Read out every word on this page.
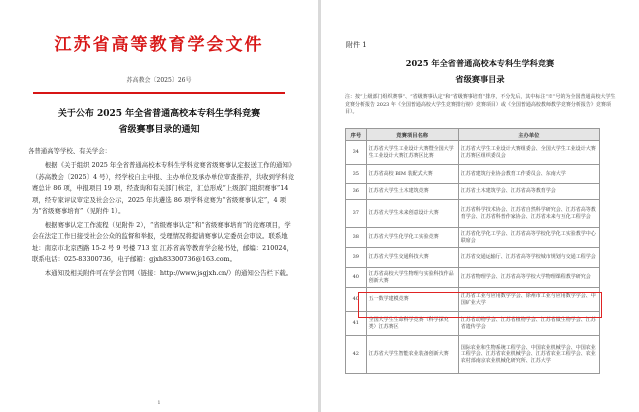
江苏省高等教育学会文件
苏高教会〔2025〕26号
关于公布 2025 年全省普通高校本专科生学科竞赛
省级赛事目录的通知
各普通高等学校、有关学会：

根据《关于组织 2025 年全省普通高校本专科生学科竞赛省级赛事认定报送工作的通知》（苏高教会〔2025〕4 号），经学校自主申报、主办单位及承办单位审查推荐，共收到学科竞赛总计 86 项，申报项目 19 项，经查询和有关部门核定，汇总形成“上级部门组织赛事”14 项，经专家评议审定及社会公示，2025 年共遴选 86 项学科竞赛为“省级赛事认定”，4 项为“省级赛事培育”（见附件 1）。

根据赛事认定工作流程（见附件 2），“省级赛事认定”和“省级赛事培育”的竞赛项目，学会在法定工作日接受社会公众的监督和举报，受理情况将提请赛事认定委员会审议。联系地址：南京市北京西路 15-2 号 9 号楼 713 室 江苏省高等教育学会秘书处，邮编：210024，联系电话：025-83300736，电子邮箱：gjxh83300736@163.com。

本通知及相关附件可在学会官网（链接：http://www.jsgjxh.cn/）的通知公告栏下载。

1
附件 1
2025 年全省普通高校本专科生学科竞赛
省级赛事目录
注：按“上级部门组织赛事”、“省级赛事认定”和“省级赛事培育”排序，不分先后，其中标注“※”号的为全国普通高校大学生竞赛分析报告 2023 年《全国普通高校大学生竞赛排行榜》竞赛项目）或《全国普通高校教师教学竞赛分析报告》竞赛项目）。
序号	竞赛项目名称	主办单位
34	江苏省大学生工业设计大赛暨全国大学生工业设计大赛江苏赛区比赛	江苏省大学生工业设计大赛组委会、全国大学生工业设计大赛江苏赛区组织委员会
35	江苏省高校 BIM 装配式大赛	江苏省建筑行业协会教育工作委员会、东南大学
36	江苏省大学生土木建筑竞赛	江苏省土木建筑学会、江苏省高等教育学会
37	江苏省大学生未来创意设计大赛	江苏省科学技术协会、江苏省自然科学研究会、江苏省高等教育学会、江苏省科普作家协会、江苏省未来与互化工程学会
38	江苏省大学生化学化工实验竞赛	江苏省化学化工学会、江苏省高等学校化学化工实验教学中心联席会
39	江苏省大学生交通科技大赛	江苏省交通运输厅、江苏省高等学校城市规划与交通工程学会
40	江苏省高校大学生物理与实验科技作品创新大赛	江苏省物理学会、江苏省高等学校大学物理课程教学研究会
40	五一数学建模竞赛	江苏省工业与应用数学学会、徐州市工业与应用数学学会、中国矿业大学
41	全国大学生生命科学竞赛（科学探究类）江苏赛区	江苏省动物学会、江苏省植物学会、江苏省微生物学会、江苏省遗传学会
42	江苏省大学生智能农业装备创新大赛	国际农业和生物系统工程学会、中国农业机械学会、中国农业工程学会、江苏省农业机械学会、江苏省农业工程学会、农业农村部南京农业机械化研究所、江苏大学
